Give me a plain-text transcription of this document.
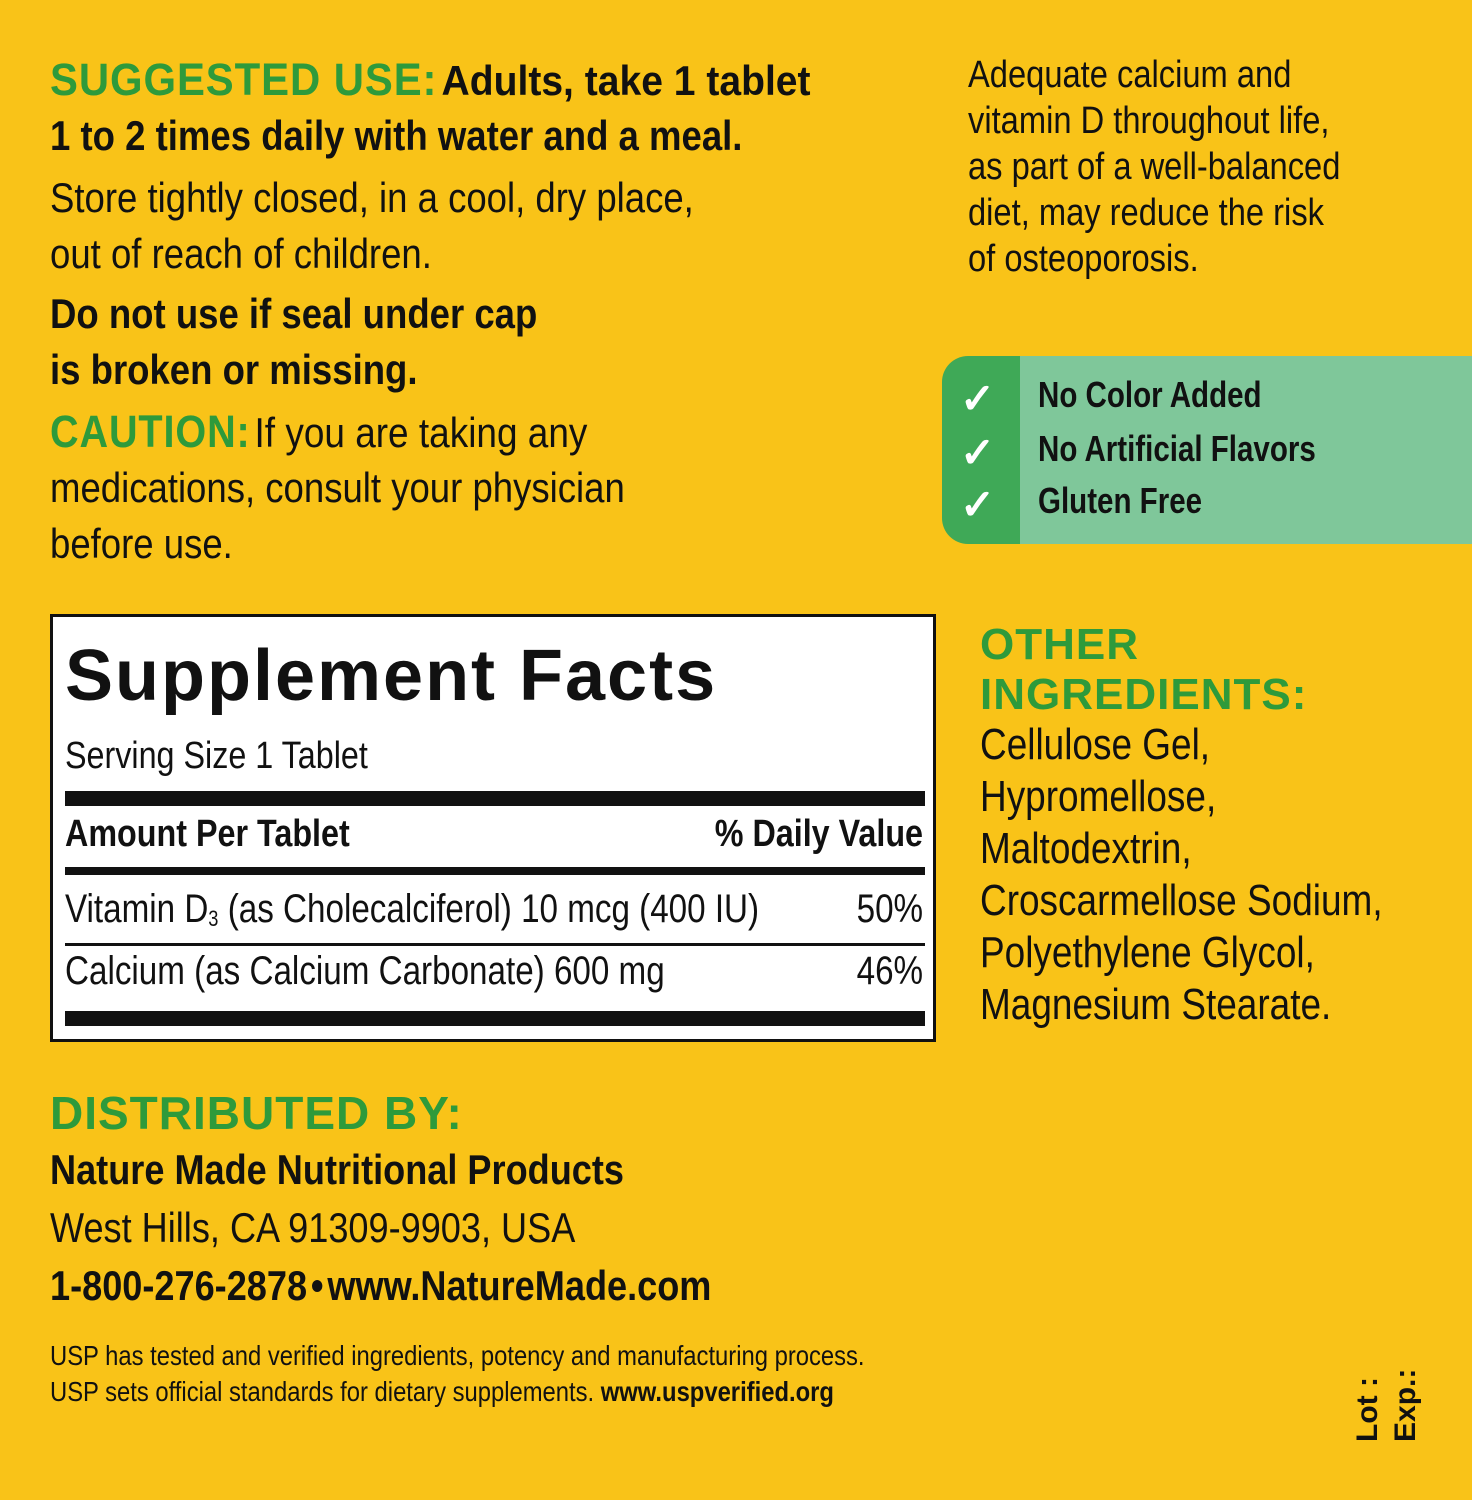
SUGGESTED USE: Adults, take 1 tablet
1 to 2 times daily with water and a meal.
Store tightly closed, in a cool, dry place,
out of reach of children.
Do not use if seal under cap
is broken or missing.
CAUTION: If you are taking any
medications, consult your physician
before use.
Adequate calcium and
vitamin D throughout life,
as part of a well-balanced
diet, may reduce the risk
of osteoporosis.
✓
✓
✓
No Color Added
No Artificial Flavors
Gluten Free
Supplement Facts
Serving Size 1 Tablet
Amount Per Tablet	% Daily Value
Vitamin D3 (as Cholecalciferol) 10 mcg (400 IU) 50%
Calcium (as Calcium Carbonate) 600 mg	46%
OTHER
INGREDIENTS:
Cellulose Gel,
Hypromellose,
Maltodextrin,
Croscarmellose Sodium,
Polyethylene Glycol,
Magnesium Stearate.
DISTRIBUTED BY:
Nature Made Nutritional Products
West Hills, CA 91309-9903, USA
1-800-276-2878 • www.NatureMade.com
USP has tested and verified ingredients, potency and manufacturing process.
USP sets official standards for dietary supplements. www.uspverified.org	Lot : Exp.:
